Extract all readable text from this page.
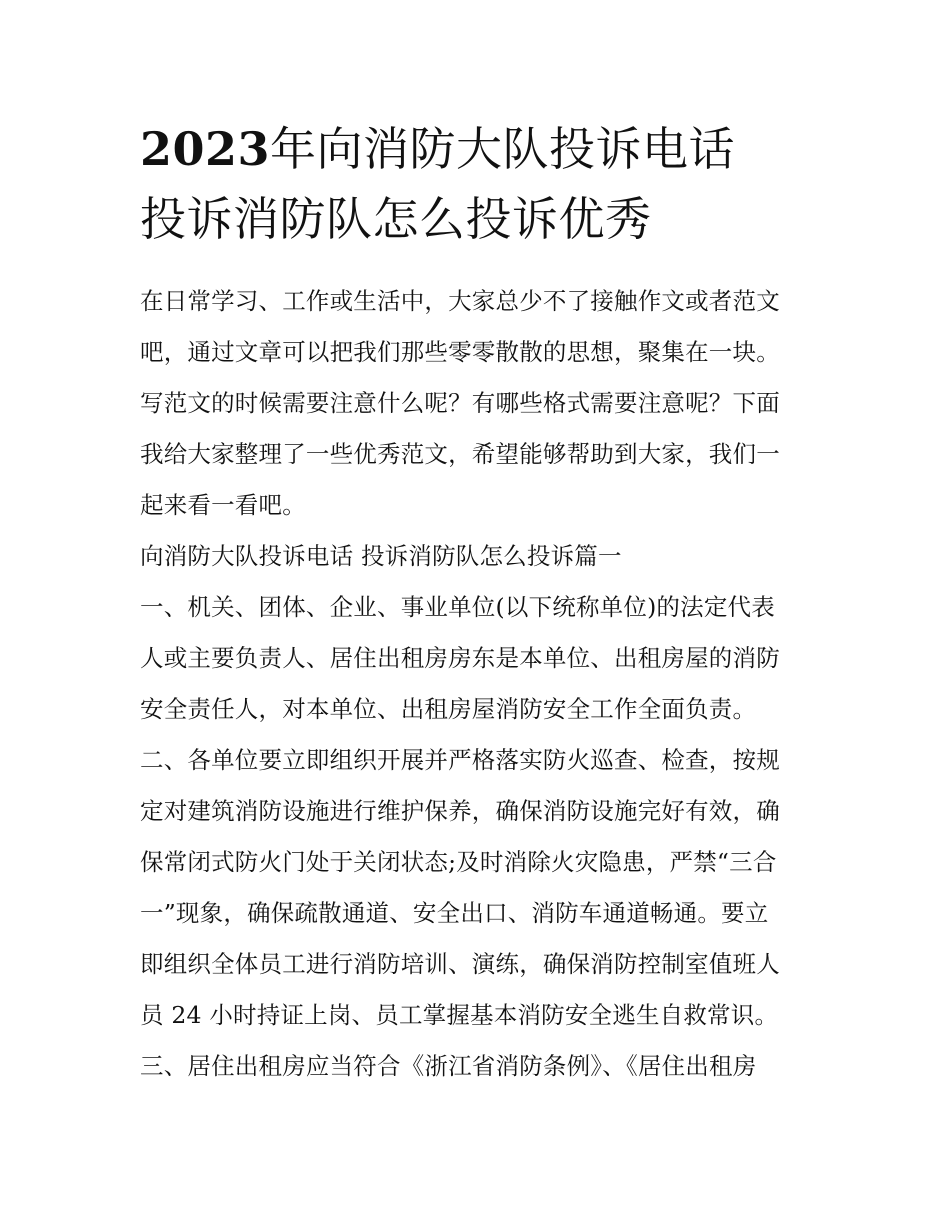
2023年向消防大队投诉电话
投诉消防队怎么投诉优秀

在日常学习、工作或生活中，大家总少不了接触作文或者范文
吧，通过文章可以把我们那些零零散散的思想，聚集在一块。
写范文的时候需要注意什么呢？有哪些格式需要注意呢？下面
我给大家整理了一些优秀范文，希望能够帮助到大家，我们一
起来看一看吧。

向消防大队投诉电话 投诉消防队怎么投诉篇一

一、机关、团体、企业、事业单位(以下统称单位)的法定代表
人或主要负责人、居住出租房房东是本单位、出租房屋的消防
安全责任人，对本单位、出租房屋消防安全工作全面负责。

二、各单位要立即组织开展并严格落实防火巡查、检查，按规
定对建筑消防设施进行维护保养，确保消防设施完好有效，确
保常闭式防火门处于关闭状态;及时消除火灾隐患，严禁“三合
一”现象，确保疏散通道、安全出口、消防车通道畅通。要立
即组织全体员工进行消防培训、演练，确保消防控制室值班人
员 24 小时持证上岗、员工掌握基本消防安全逃生自救常识。

三、居住出租房应当符合《浙江省消防条例》、《居住出租房
